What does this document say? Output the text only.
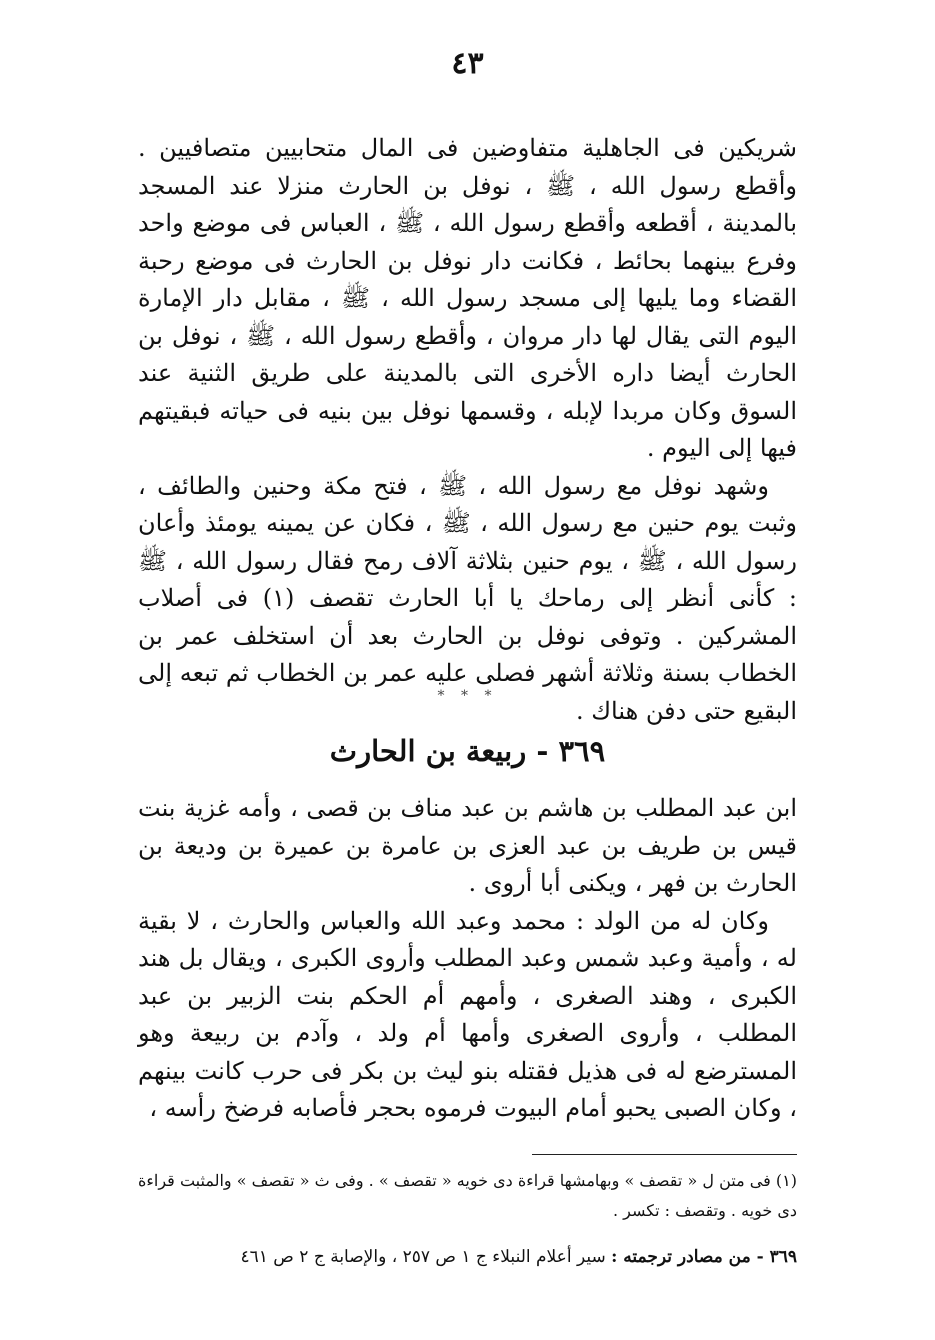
٤٣

شريكين فى الجاهلية متفاوضين فى المال متحابيين متصافيين . وأقطع رسول الله ، ﷺ ، نوفل بن الحارث منزلا عند المسجد بالمدينة ، أقطعه وأقطع رسول الله ، ﷺ ، العباس فى موضع واحد وفرع بينهما بحائط ، فكانت دار نوفل بن الحارث فى موضع رحبة القضاء وما يليها إلى مسجد رسول الله ، ﷺ ، مقابل دار الإمارة اليوم التى يقال لها دار مروان ، وأقطع رسول الله ، ﷺ ، نوفل بن الحارث أيضا داره الأخرى التى بالمدينة على طريق الثنية عند السوق وكان مربدا لإبله ، وقسمها نوفل بين بنيه فى حياته فبقيتهم فيها إلى اليوم .

وشهد نوفل مع رسول الله ، ﷺ ، فتح مكة وحنين والطائف ، وثبت يوم حنين مع رسول الله ، ﷺ ، فكان عن يمينه يومئذ وأعان رسول الله ، ﷺ ، يوم حنين بثلاثة آلاف رمح فقال رسول الله ، ﷺ : كأنى أنظر إلى رماحك يا أبا الحارث تقصف (١) فى أصلاب المشركين . وتوفى نوفل بن الحارث بعد أن استخلف عمر بن الخطاب بسنة وثلاثة أشهر فصلى عليه عمر بن الخطاب ثم تبعه إلى البقيع حتى دفن هناك .

* * *
٣٦٩ - ربيعة بن الحارث

ابن عبد المطلب بن هاشم بن عبد مناف بن قصى ، وأمه غزية بنت قيس بن طريف بن عبد العزى بن عامرة بن عميرة بن وديعة بن الحارث بن فهر ، ويكنى أبا أروى .

وكان له من الولد : محمد وعبد الله والعباس والحارث ، لا بقية له ، وأمية وعبد شمس وعبد المطلب وأروى الكبرى ، ويقال بل هند الكبرى ، وهند الصغرى ، وأمهم أم الحكم بنت الزبير بن عبد المطلب ، وأروى الصغرى وأمها أم ولد ، وآدم بن ربيعة وهو المسترضع له فى هذيل فقتله بنو ليث بن بكر فى حرب كانت بينهم ، وكان الصبى يحبو أمام البيوت فرموه بحجر فأصابه فرضخ رأسه ،

(١) فى متن ل « تقصف » وبهامشها قراءة دى خويه « تقصف » . وفى ث « تقصف » والمثبت قراءة دى خويه . وتقصف : تكسر .

٣٦٩ - من مصادر ترجمته : سير أعلام النبلاء ج ١ ص ٢٥٧ ، والإصابة ج ٢ ص ٤٦١
